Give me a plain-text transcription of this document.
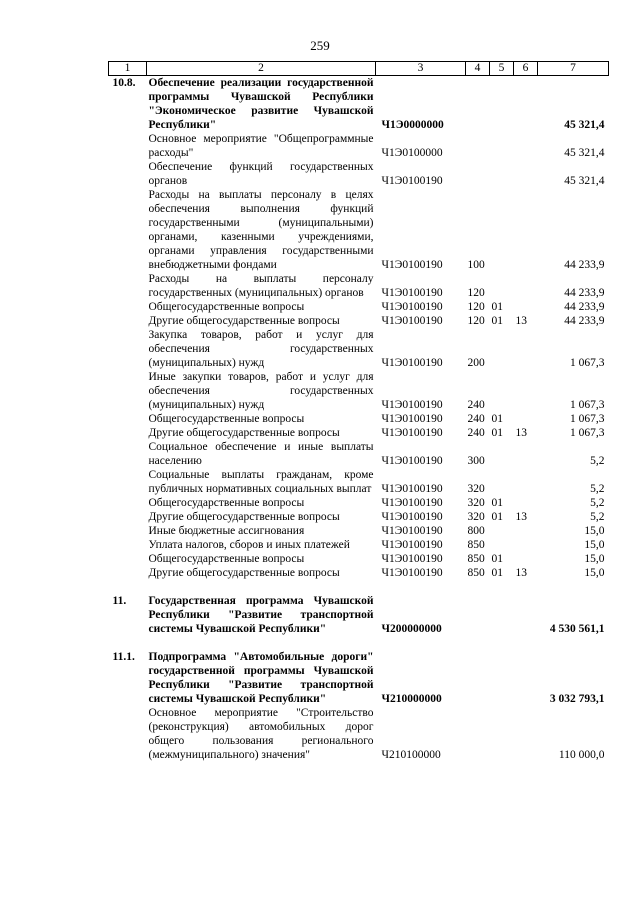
259
1	2	3	4	5	6	7
10.8.	Обеспечение реализации государственной программы Чувашской Республики "Экономическое развитие Чувашской Республики"	Ч1Э0000000				45 321,4
	Основное мероприятие "Общепрограммные расходы"	Ч1Э0100000				45 321,4
	Обеспечение функций государственных органов	Ч1Э0100190				45 321,4
	Расходы на выплаты персоналу в целях обеспечения выполнения функций государственными (муниципальными) органами, казенными учреждениями, органами управления государственными внебюджетными фондами	Ч1Э0100190	100			44 233,9
	Расходы на выплаты персоналу государственных (муниципальных) органов	Ч1Э0100190	120			44 233,9
	Общегосударственные вопросы	Ч1Э0100190	120	01		44 233,9
	Другие общегосударственные вопросы	Ч1Э0100190	120	01	13	44 233,9
	Закупка товаров, работ и услуг для обеспечения государственных (муниципальных) нужд	Ч1Э0100190	200			1 067,3
	Иные закупки товаров, работ и услуг для обеспечения государственных (муниципальных) нужд	Ч1Э0100190	240			1 067,3
	Общегосударственные вопросы	Ч1Э0100190	240	01		1 067,3
	Другие общегосударственные вопросы	Ч1Э0100190	240	01	13	1 067,3
	Социальное обеспечение и иные выплаты населению	Ч1Э0100190	300			5,2
	Социальные выплаты гражданам, кроме публичных нормативных социальных выплат	Ч1Э0100190	320			5,2
	Общегосударственные вопросы	Ч1Э0100190	320	01		5,2
	Другие общегосударственные вопросы	Ч1Э0100190	320	01	13	5,2
	Иные бюджетные ассигнования	Ч1Э0100190	800			15,0
	Уплата налогов, сборов и иных платежей	Ч1Э0100190	850			15,0
	Общегосударственные вопросы	Ч1Э0100190	850	01		15,0
	Другие общегосударственные вопросы	Ч1Э0100190	850	01	13	15,0

11.	Государственная программа Чувашской Республики "Развитие транспортной системы Чувашской Республики"	Ч200000000				4 530 561,1

11.1.	Подпрограмма "Автомобильные дороги" государственной программы Чувашской Республики "Развитие транспортной системы Чувашской Республики"	Ч210000000				3 032 793,1
	Основное мероприятие "Строительство (реконструкция) автомобильных дорог общего пользования регионального (межмуниципального) значения"	Ч210100000				110 000,0
